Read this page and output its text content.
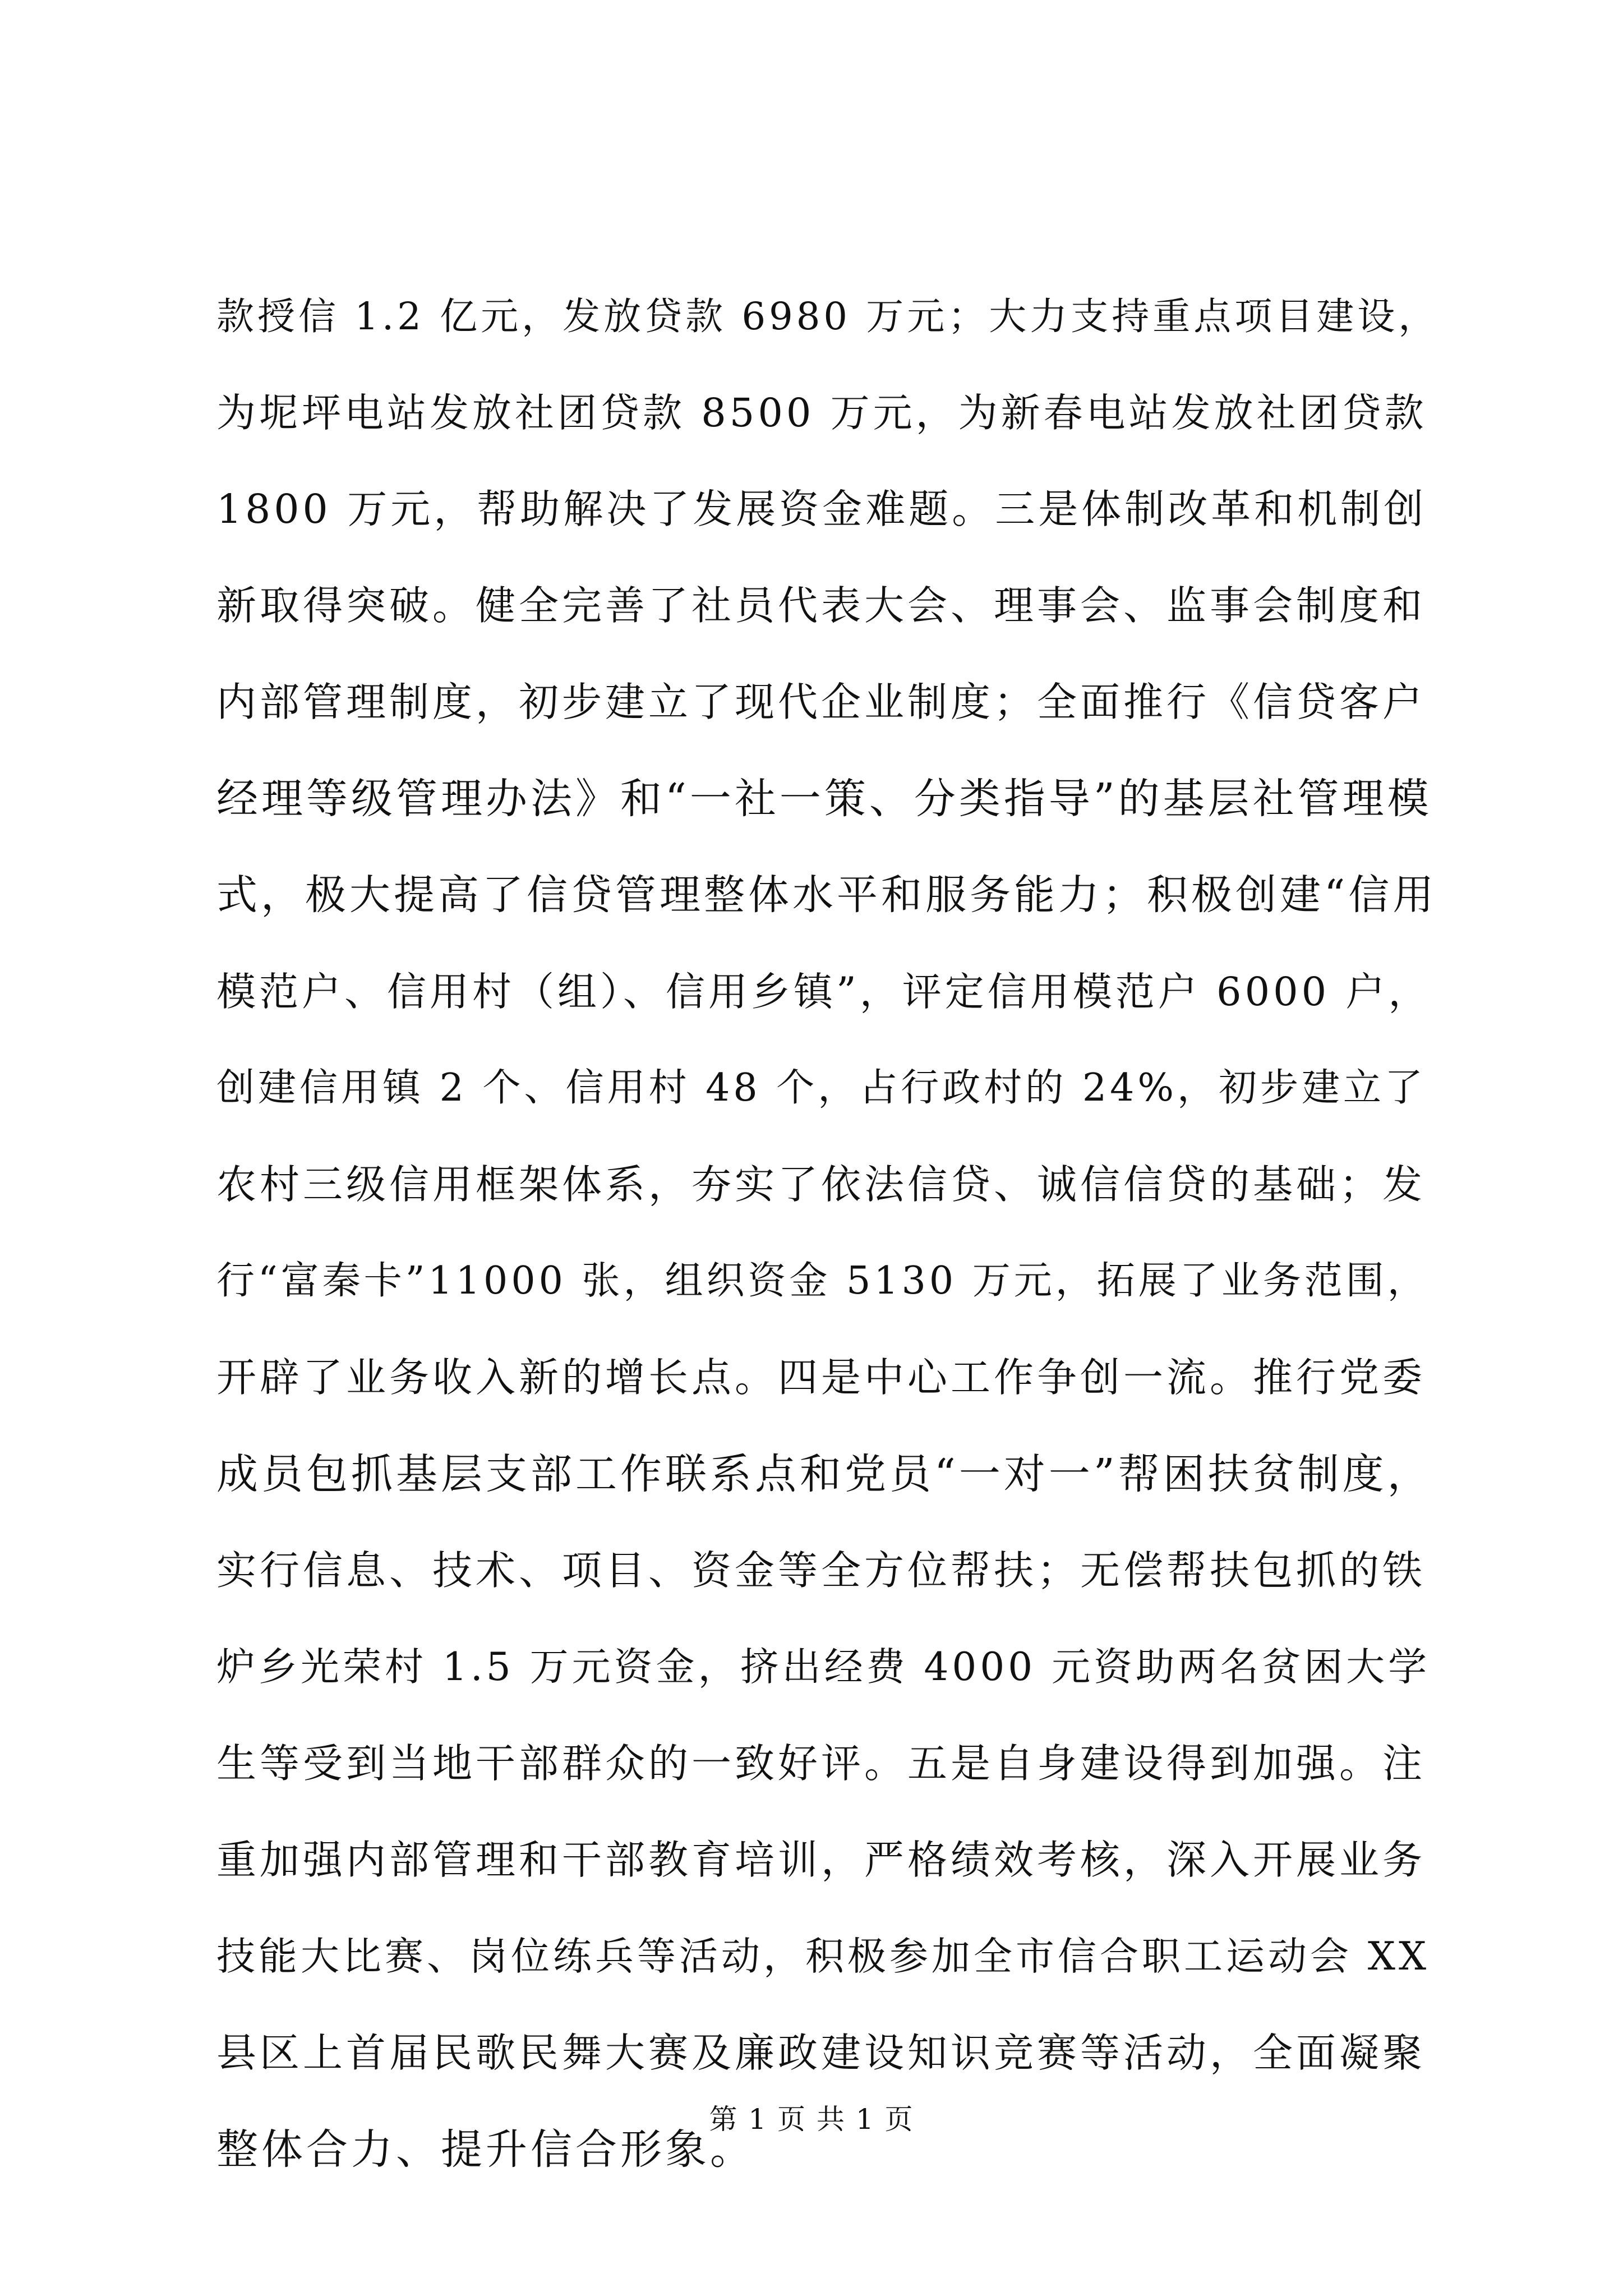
款授信 1.2 亿元，发放贷款 6980 万元；大力支持重点项目建设，
为坭坪电站发放社团贷款 8500 万元，为新春电站发放社团贷款
1800 万元，帮助解决了发展资金难题。三是体制改革和机制创
新取得突破。健全完善了社员代表大会、理事会、监事会制度和
内部管理制度，初步建立了现代企业制度；全面推行《信贷客户
经理等级管理办法》和“一社一策、分类指导”的基层社管理模
式，极大提高了信贷管理整体水平和服务能力；积极创建“信用
模范户、信用村（组）、信用乡镇”，评定信用模范户 6000 户，
创建信用镇 2 个、信用村 48 个，占行政村的 24%，初步建立了
农村三级信用框架体系，夯实了依法信贷、诚信信贷的基础；发
行“富秦卡”11000 张，组织资金 5130 万元，拓展了业务范围，
开辟了业务收入新的增长点。四是中心工作争创一流。推行党委
成员包抓基层支部工作联系点和党员“一对一”帮困扶贫制度，
实行信息、技术、项目、资金等全方位帮扶；无偿帮扶包抓的铁
炉乡光荣村 1.5 万元资金，挤出经费 4000 元资助两名贫困大学
生等受到当地干部群众的一致好评。五是自身建设得到加强。注
重加强内部管理和干部教育培训，严格绩效考核，深入开展业务
技能大比赛、岗位练兵等活动，积极参加全市信合职工运动会 XX
县区上首届民歌民舞大赛及廉政建设知识竞赛等活动，全面凝聚
整体合力、提升信合形象。
第 1 页 共 1 页
